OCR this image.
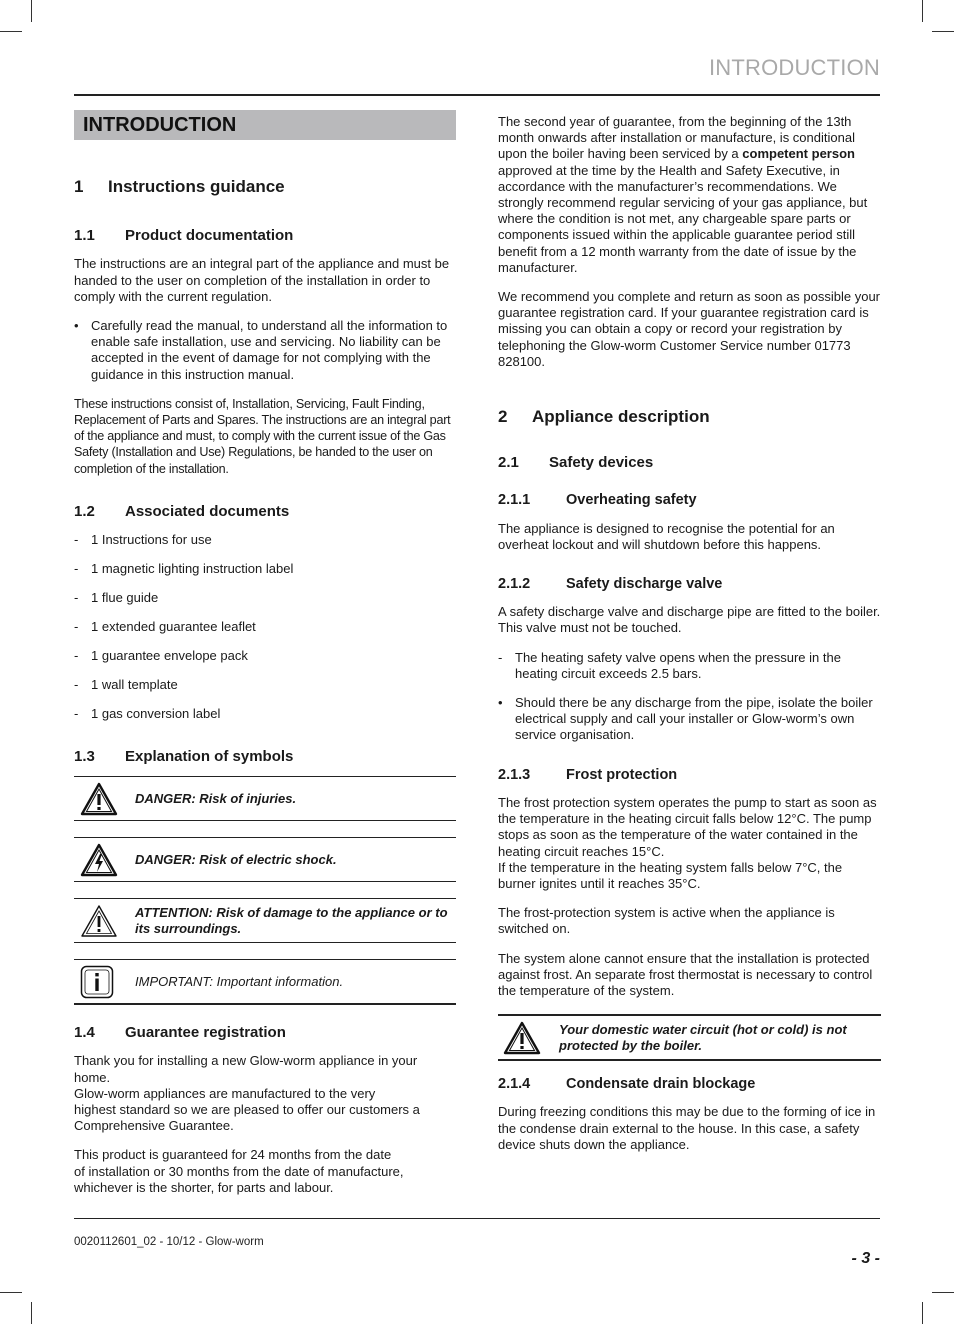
INTRODUCTION
INTRODUCTION
1	Instructions guidance
1.1	Product documentation

The instructions are an integral part of the appliance and must be handed to the user on completion of the installation in order to comply with the current regulation.

• Carefully read the manual, to understand all the information to enable safe installation, use and servicing. No liability can be accepted in the event of damage for not complying with the guidance in this instruction manual.

These instructions consist of, Installation, Servicing, Fault Finding, Replacement of Parts and Spares. The instructions are an integral part of the appliance and must, to comply with the current issue of the Gas Safety (Installation and Use) Regulations, be handed to the user on completion of the installation.

1.2	Associated documents
- 1 Instructions for use
- 1 magnetic lighting instruction label
- 1 flue guide
- 1 extended guarantee leaflet
- 1 guarantee envelope pack
- 1 wall template
- 1 gas conversion label
1.3	Explanation of symbols
DANGER: Risk of injuries.
DANGER: Risk of electric shock.
ATTENTION: Risk of damage to the appliance or to its surroundings.
IMPORTANT: Important information.
1.4	Guarantee registration
Thank you for installing a new Glow-worm appliance in your home.
Glow-worm appliances are manufactured to the very
highest standard so we are pleased to offer our customers a Comprehensive Guarantee.
This product is guaranteed for 24 months from the date
of installation or 30 months from the date of manufacture, whichever is the shorter, for parts and labour.

The second year of guarantee, from the beginning of the 13th month onwards after installation or manufacture, is conditional upon the boiler having been serviced by a competent person approved at the time by the Health and Safety Executive, in accordance with the manufacturer’s recommendations. We strongly recommend regular servicing of your gas appliance, but where the condition is not met, any chargeable spare parts or components issued within the applicable guarantee period still benefit from a 12 month warranty from the date of issue by the manufacturer.

We recommend you complete and return as soon as possible your guarantee registration card. If your guarantee registration card is missing you can obtain a copy or record your registration by telephoning the Glow-worm Customer Service number 01773 828100.

2	Appliance description
2.1	Safety devices
2.1.1	Overheating safety

The appliance is designed to recognise the potential for an overheat lockout and will shutdown before this happens.

2.1.2	Safety discharge valve

A safety discharge valve and discharge pipe are fitted to the boiler. This valve must not be touched.

- The heating safety valve opens when the pressure in the heating circuit exceeds 2.5 bars.
• Should there be any discharge from the pipe, isolate the boiler electrical supply and call your installer or Glow-worm’s own service organisation.
2.1.3	Frost protection
The frost protection system operates the pump to start as soon as the temperature in the heating circuit falls below 12°C. The pump stops as soon as the temperature of the water contained in the heating circuit reaches 15°C.
If the temperature in the heating system falls below 7°C, the burner ignites until it reaches 35°C.

The frost-protection system is active when the appliance is switched on.

The system alone cannot ensure that the installation is protected against frost. An separate frost thermostat is necessary to control the temperature of the system.

Your domestic water circuit (hot or cold) is not protected by the boiler.
2.1.4	Condensate drain blockage

During freezing conditions this may be due to the forming of ice in the condense drain external to the house. In this case, a safety device shuts down the appliance.

0020112601_02 - 10/12 - Glow-worm
- 3 -
